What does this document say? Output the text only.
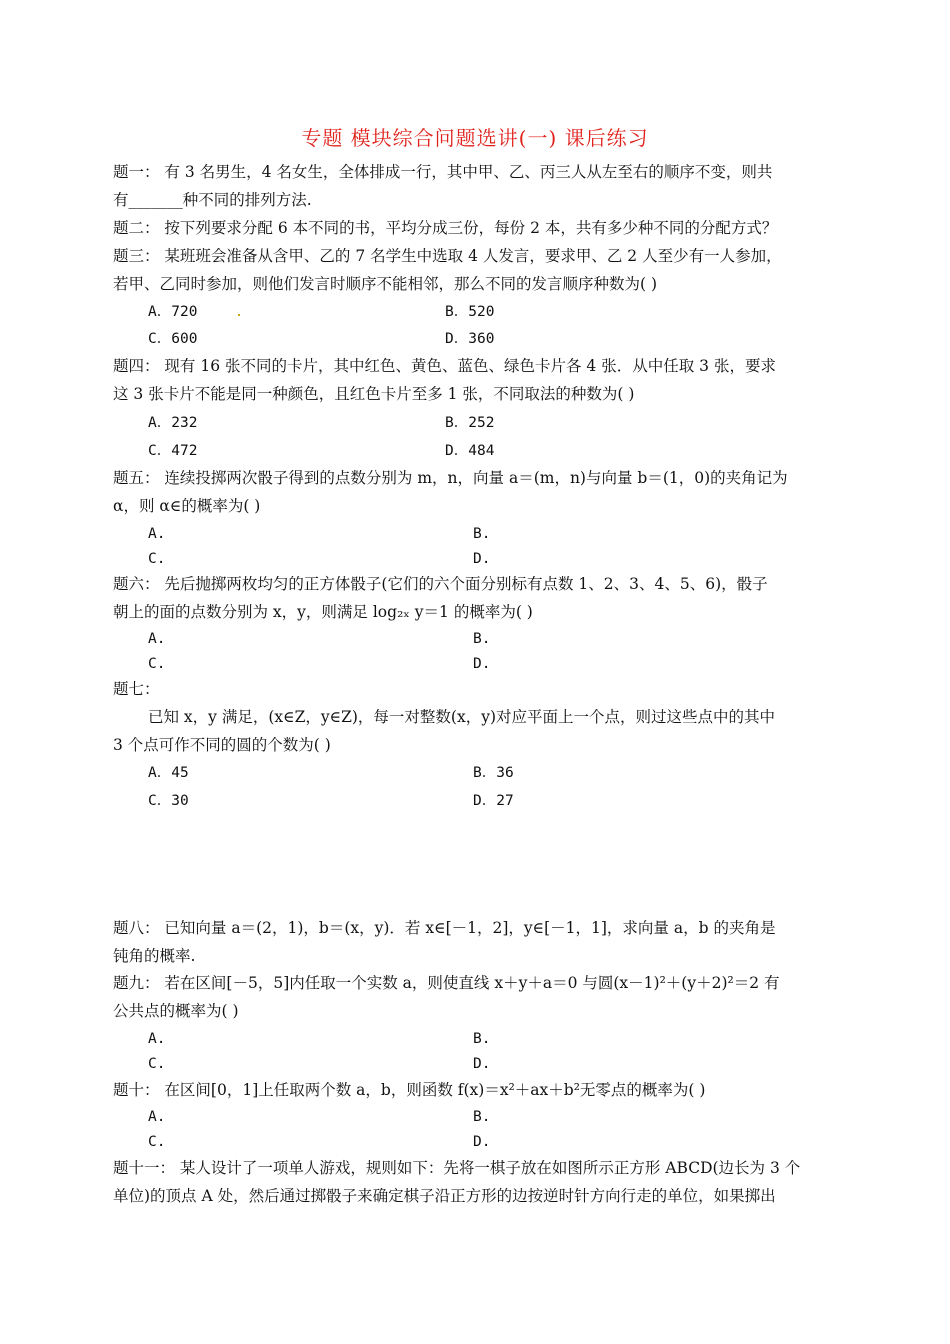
专题 模块综合问题选讲(一) 课后练习
题一： 有 3 名男生，4 名女生，全体排成一行，其中甲、乙、丙三人从左至右的顺序不变，则共
有_______种不同的排列方法.
题二： 按下列要求分配 6 本不同的书，平均分成三份，每份 2 本，共有多少种不同的分配方式？
题三： 某班班会准备从含甲、乙的 7 名学生中选取 4 人发言，要求甲、乙 2 人至少有一人参加，
若甲、乙同时参加，则他们发言时顺序不能相邻，那么不同的发言顺序种数为( )
A．720	B．520
C．600	D．360
题四： 现有 16 张不同的卡片，其中红色、黄色、蓝色、绿色卡片各 4 张．从中任取 3 张，要求
这 3 张卡片不能是同一种颜色，且红色卡片至多 1 张，不同取法的种数为( )
A．232	B．252
C．472	D．484
题五： 连续投掷两次骰子得到的点数分别为 m，n，向量 a＝(m，n)与向量 b＝(1，0)的夹角记为
α，则 α∈的概率为( )
A.	B.
C.	D.
题六： 先后抛掷两枚均匀的正方体骰子(它们的六个面分别标有点数 1、2、3、4、5、6)，骰子
朝上的面的点数分别为 x，y，则满足 log₂ₓ y＝1 的概率为( )
A.	B.
C.	D.
题七：
已知 x，y 满足，(x∈Z，y∈Z)，每一对整数(x，y)对应平面上一个点，则过这些点中的其中
3 个点可作不同的圆的个数为( )
A．45	B．36
C．30	D．27
题八： 已知向量 a＝(2，1)，b＝(x，y)．若 x∈[－1，2]，y∈[－1，1]，求向量 a，b 的夹角是
钝角的概率.
题九： 若在区间[－5，5]内任取一个实数 a，则使直线 x＋y＋a＝0 与圆(x－1)²＋(y＋2)²＝2 有
公共点的概率为( )
A.	B.
C.	D.
题十： 在区间[0，1]上任取两个数 a，b，则函数 f(x)＝x²＋ax＋b²无零点的概率为( )
A.	B.
C.	D.
题十一： 某人设计了一项单人游戏，规则如下：先将一棋子放在如图所示正方形 ABCD(边长为 3 个
单位)的顶点 A 处，然后通过掷骰子来确定棋子沿正方形的边按逆时针方向行走的单位，如果掷出
